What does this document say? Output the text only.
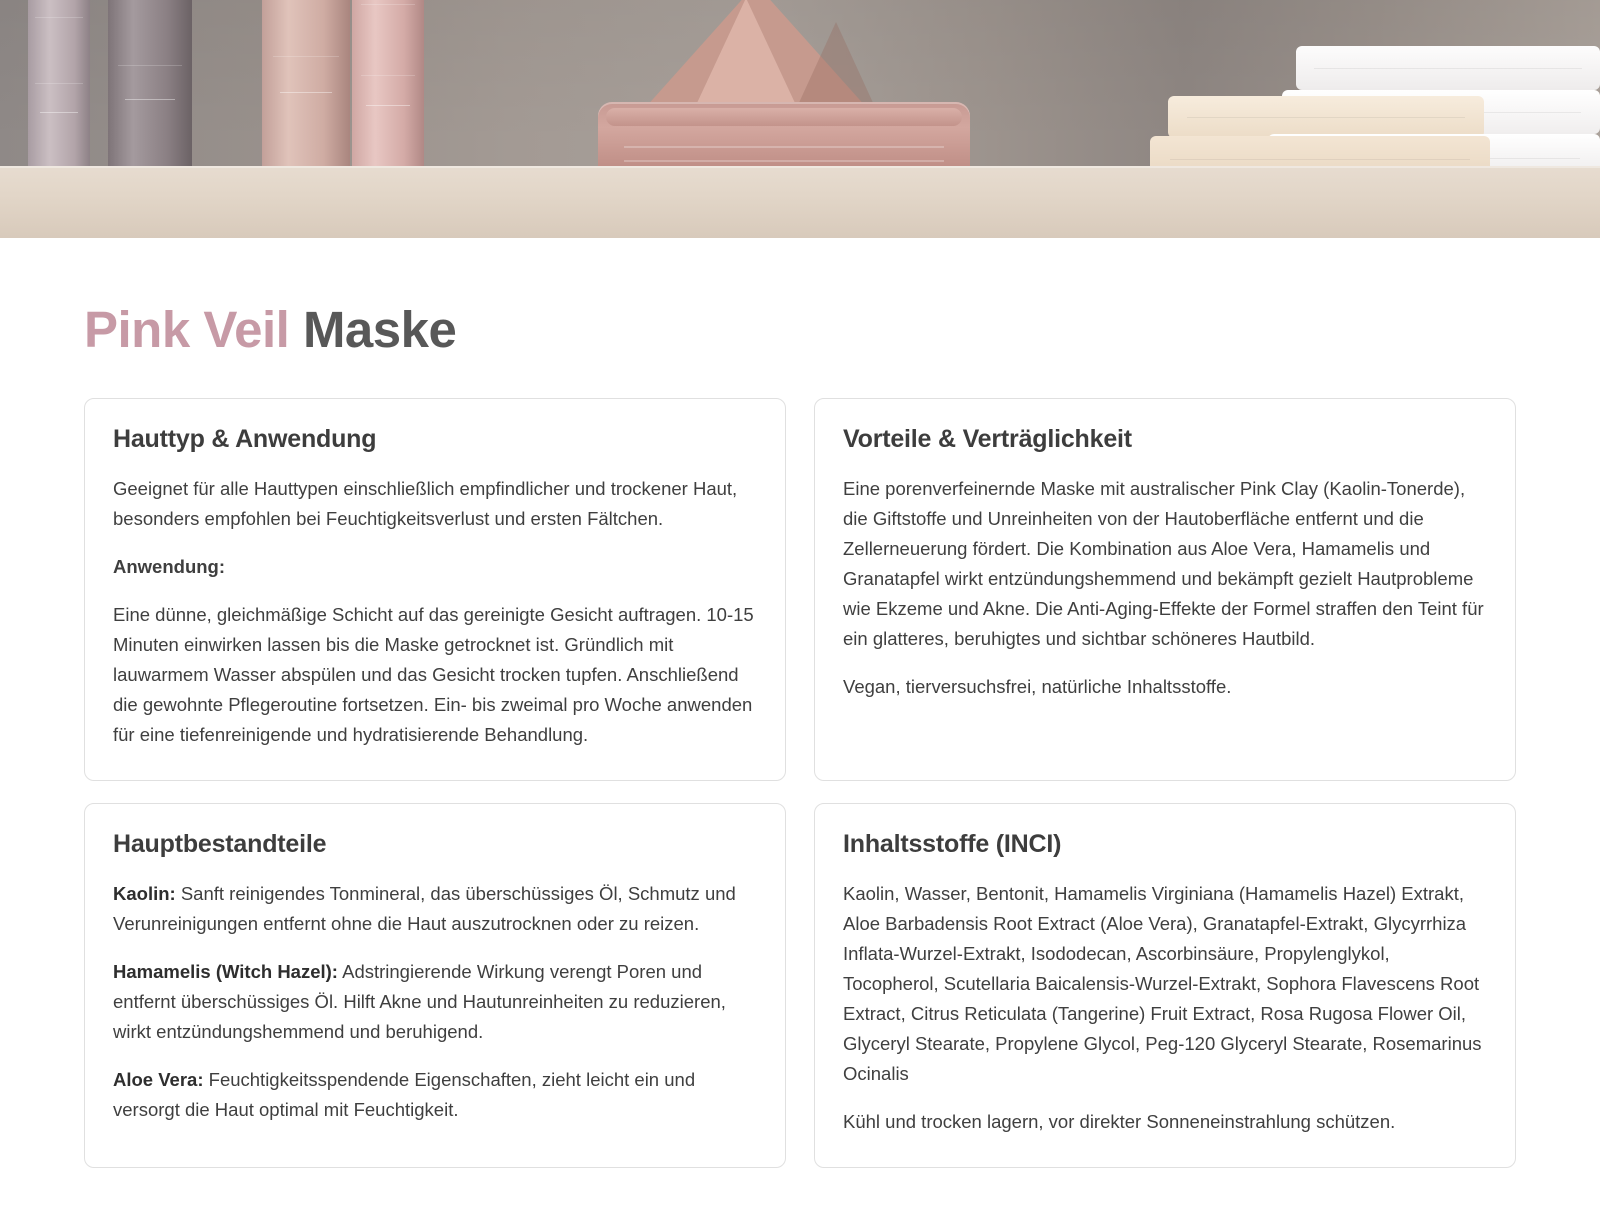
Pink Veil Maske
Hauttyp & Anwendung

Geeignet für alle Hauttypen einschließlich empfindlicher und trockener Haut, besonders empfohlen bei Feuchtigkeitsverlust und ersten Fältchen.

Anwendung:

Eine dünne, gleichmäßige Schicht auf das gereinigte Gesicht auftragen. 10-15 Minuten einwirken lassen bis die Maske getrocknet ist. Gründlich mit lauwarmem Wasser abspülen und das Gesicht trocken tupfen. Anschließend die gewohnte Pflegeroutine fortsetzen. Ein- bis zweimal pro Woche anwenden für eine tiefenreinigende und hydratisierende Behandlung.

Vorteile & Verträglichkeit

Eine porenverfeinernde Maske mit australischer Pink Clay (Kaolin-Tonerde), die Giftstoffe und Unreinheiten von der Hautoberfläche entfernt und die Zellerneuerung fördert. Die Kombination aus Aloe Vera, Hamamelis und Granatapfel wirkt entzündungshemmend und bekämpft gezielt Hautprobleme wie Ekzeme und Akne. Die Anti-Aging-Effekte der Formel straffen den Teint für ein glatteres, beruhigtes und sichtbar schöneres Hautbild.

Vegan, tierversuchsfrei, natürliche Inhaltsstoffe.

Hauptbestandteile

Kaolin: Sanft reinigendes Tonmineral, das überschüssiges Öl, Schmutz und Verunreinigungen entfernt ohne die Haut auszutrocknen oder zu reizen.

Hamamelis (Witch Hazel): Adstringierende Wirkung verengt Poren und entfernt überschüssiges Öl. Hilft Akne und Hautunreinheiten zu reduzieren, wirkt entzündungshemmend und beruhigend.

Aloe Vera: Feuchtigkeitsspendende Eigenschaften, zieht leicht ein und versorgt die Haut optimal mit Feuchtigkeit.

Inhaltsstoffe (INCI)

Kaolin, Wasser, Bentonit, Hamamelis Virginiana (Hamamelis Hazel) Extrakt, Aloe Barbadensis Root Extract (Aloe Vera), Granatapfel-Extrakt, Glycyrrhiza Inflata-Wurzel-Extrakt, Isododecan, Ascorbinsäure, Propylenglykol, Tocopherol, Scutellaria Baicalensis-Wurzel-Extrakt, Sophora Flavescens Root Extract, Citrus Reticulata (Tangerine) Fruit Extract, Rosa Rugosa Flower Oil, Glyceryl Stearate, Propylene Glycol, Peg-120 Glyceryl Stearate, Rosemarinus Ocinalis

Kühl und trocken lagern, vor direkter Sonneneinstrahlung schützen.
